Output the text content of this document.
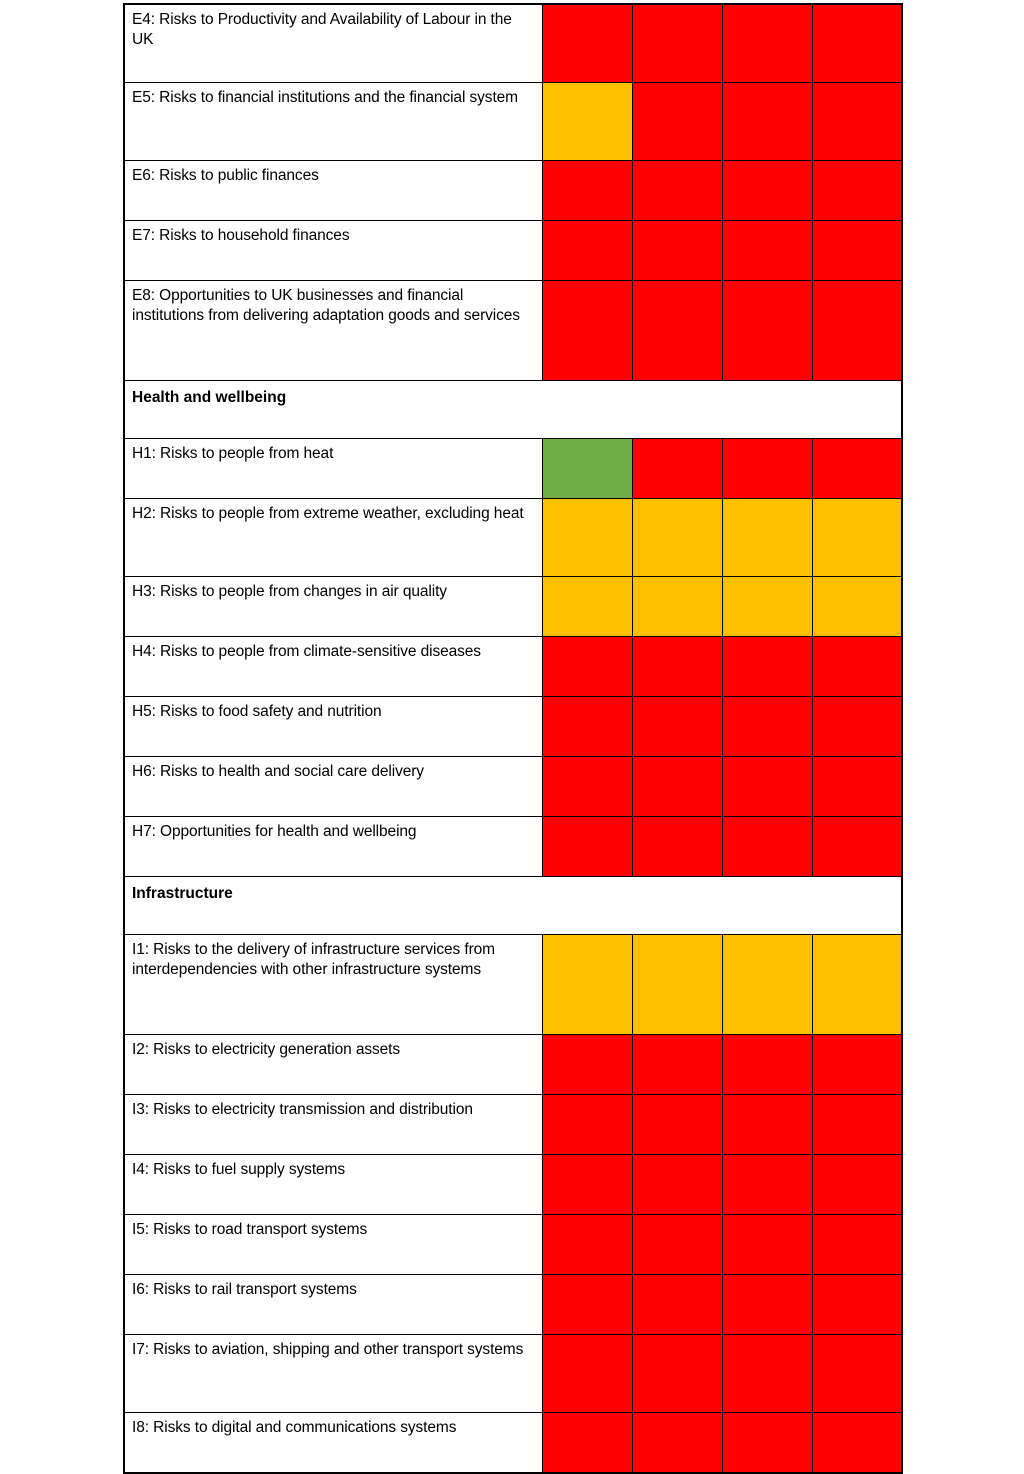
E4: Risks to Productivity and Availability of Labour in the UK				
E5: Risks to financial institutions and the financial system				
E6: Risks to public finances				
E7: Risks to household finances				
E8: Opportunities to UK businesses and financial institutions from delivering adaptation goods and services				
Health and wellbeing				
H1: Risks to people from heat				
H2: Risks to people from extreme weather, excluding heat				
H3: Risks to people from changes in air quality				
H4: Risks to people from climate-sensitive diseases				
H5: Risks to food safety and nutrition				
H6: Risks to health and social care delivery				
H7: Opportunities for health and wellbeing				
Infrastructure				
I1: Risks to the delivery of infrastructure services from interdependencies with other infrastructure systems				
I2: Risks to electricity generation assets				
I3: Risks to electricity transmission and distribution				
I4: Risks to fuel supply systems				
I5: Risks to road transport systems				
I6: Risks to rail transport systems				
I7: Risks to aviation, shipping and other transport systems				
I8: Risks to digital and communications systems				
